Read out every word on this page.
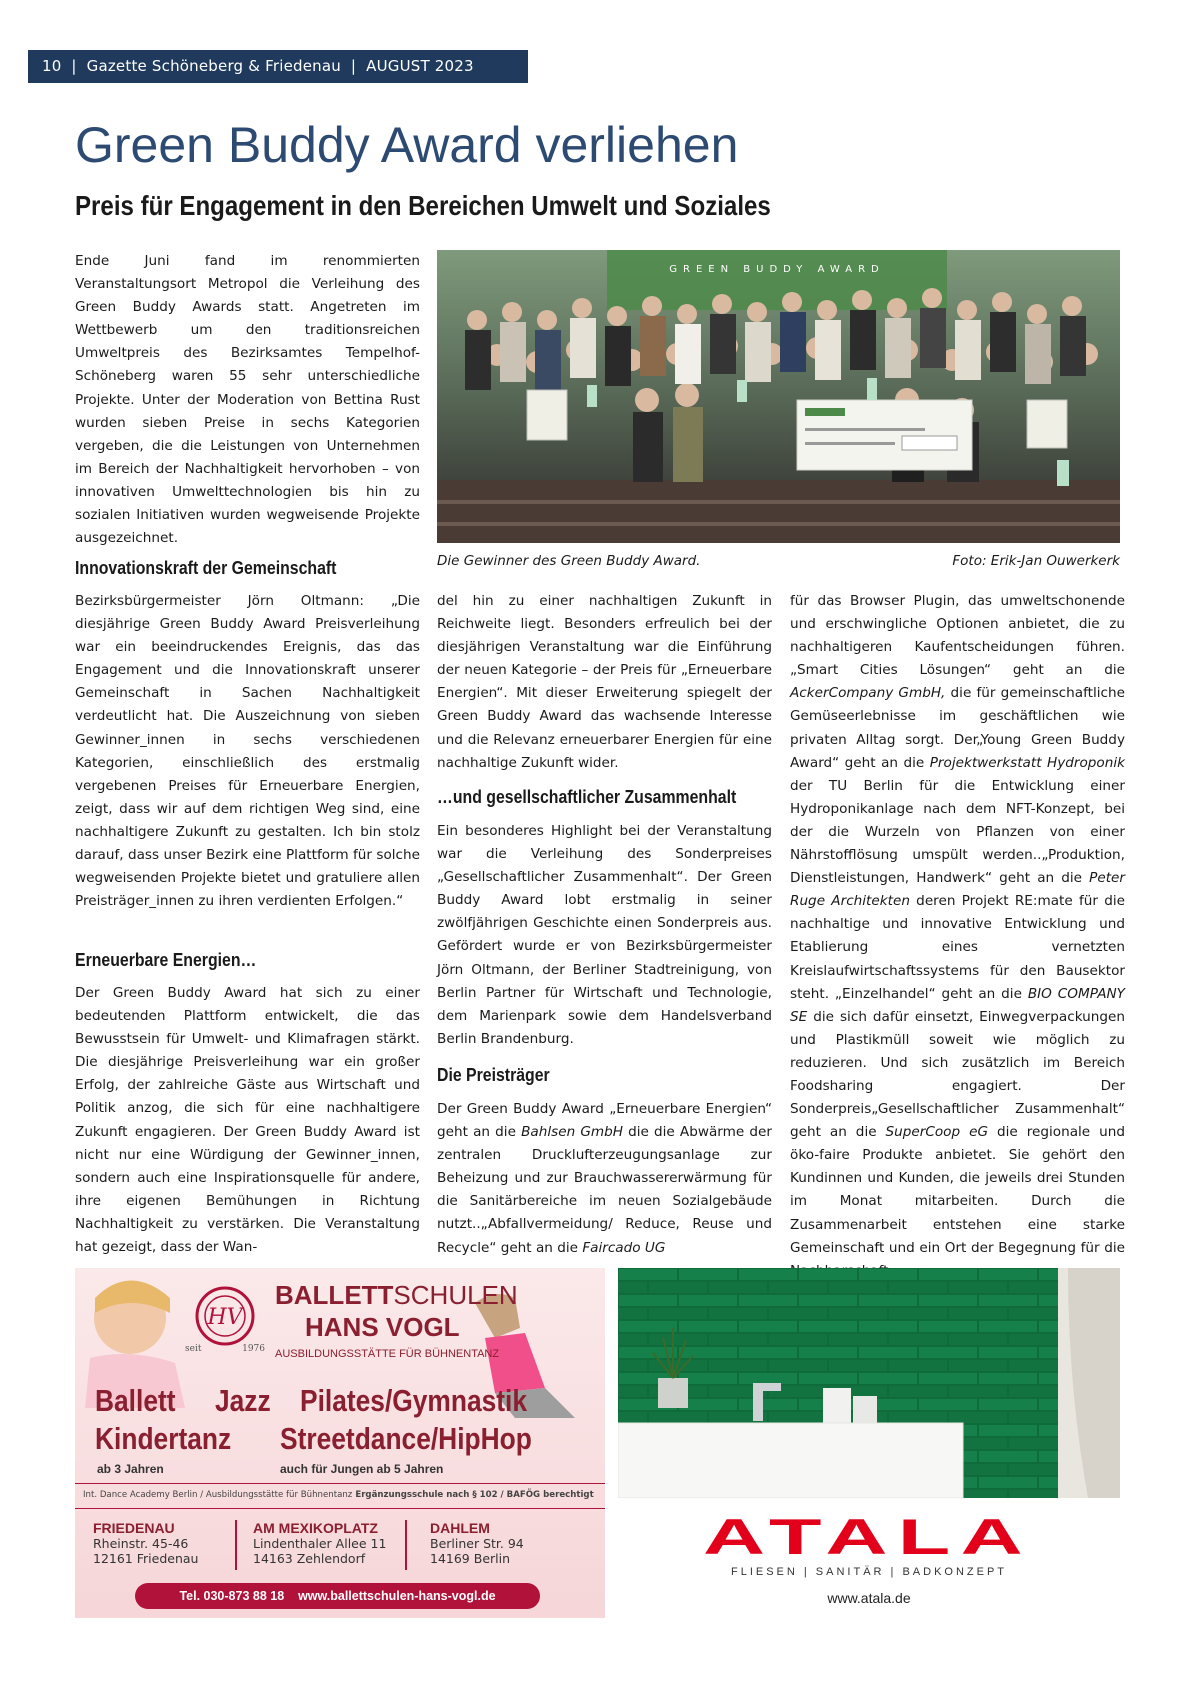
10  |  Gazette Schöneberg & Friedenau  |  AUGUST 2023
Green Buddy Award verliehen
Preis für Engagement in den Bereichen Umwelt und Soziales

Ende Juni fand im renommierten Veranstaltungsort Metropol die Verleihung des Green Buddy Awards statt. Angetreten im Wettbewerb um den traditionsreichen Umweltpreis des Bezirksamtes Tempelhof-Schöneberg waren 55 sehr unterschiedliche Projekte. Unter der Moderation von Bettina Rust wurden sieben Preise in sechs Kategorien vergeben, die die Leistungen von Unternehmen im Bereich der Nachhaltigkeit hervorhoben – von innovativen Umwelttechnologien bis hin zu sozialen Initiativen wurden wegweisende Projekte ausgezeichnet.

GREEN BUDDY AWARD
Die Gewinner des Green Buddy Award.	Foto: Erik-Jan Ouwerkerk
Innovationskraft der Gemeinschaft

Bezirksbürgermeister Jörn Oltmann: „Die diesjährige Green Buddy Award Preisverleihung war ein beeindruckendes Ereignis, das das Engagement und die Innovationskraft unserer Gemeinschaft in Sachen Nachhaltigkeit verdeutlicht hat. Die Auszeichnung von sieben Gewinner_innen in sechs verschiedenen Kategorien, einschließlich des erstmalig vergebenen Preises für Erneuerbare Energien, zeigt, dass wir auf dem richtigen Weg sind, eine nachhaltigere Zukunft zu gestalten. Ich bin stolz darauf, dass unser Bezirk eine Plattform für solche wegweisenden Projekte bietet und gratuliere allen Preisträger_innen zu ihren verdienten Erfolgen.“

Erneuerbare Energien…

Der Green Buddy Award hat sich zu einer bedeutenden Plattform entwickelt, die das Bewusstsein für Umwelt- und Klimafragen stärkt. Die diesjährige Preisverleihung war ein großer Erfolg, der zahlreiche Gäste aus Wirtschaft und Politik anzog, die sich für eine nachhaltigere Zukunft engagieren. Der Green Buddy Award ist nicht nur eine Würdigung der Gewinner_innen, sondern auch eine Inspirationsquelle für andere, ihre eigenen Bemühungen in Richtung Nachhaltigkeit zu verstärken. Die Veranstaltung hat gezeigt, dass der Wan-

del hin zu einer nachhaltigen Zukunft in Reichweite liegt. Besonders erfreulich bei der diesjährigen Veranstaltung war die Einführung der neuen Kategorie – der Preis für „Erneuerbare Energien“. Mit dieser Erweiterung spiegelt der Green Buddy Award das wachsende Interesse und die Relevanz erneuerbarer Energien für eine nachhaltige Zukunft wider.

…und gesellschaftlicher Zusammenhalt

Ein besonderes Highlight bei der Veranstaltung war die Verleihung des Sonderpreises „Gesellschaftlicher Zusammenhalt“. Der Green Buddy Award lobt erstmalig in seiner zwölfjährigen Geschichte einen Sonderpreis aus. Gefördert wurde er von Bezirksbürgermeister Jörn Oltmann, der Berliner Stadtreinigung, von Berlin Partner für Wirtschaft und Technologie, dem Marienpark sowie dem Handelsverband Berlin Brandenburg.

Die Preisträger

Der Green Buddy Award „Erneuerbare Energien“ geht an die Bahlsen GmbH die die Abwärme der zentralen Drucklufterzeugungsanlage zur Beheizung und zur Brauchwassererwärmung für die Sanitärbereiche im neuen Sozialgebäude nutzt..„Abfallvermeidung/ Reduce, Reuse und Recycle“ geht an die Faircado UG

für das Browser Plugin, das umweltschonende und erschwingliche Optionen anbietet, die zu nachhaltigeren Kaufentscheidungen führen. „Smart Cities Lösungen“ geht an die AckerCompany GmbH, die für gemeinschaftliche Gemüseerlebnisse im geschäftlichen wie privaten Alltag sorgt. Der„Young Green Buddy Award“ geht an die Projektwerkstatt Hydroponik der TU Berlin für die Entwicklung einer Hydroponikanlage nach dem NFT-Konzept, bei der die Wurzeln von Pflanzen von einer Nährstofflösung umspült werden..„Produktion, Dienstleistungen, Handwerk“ geht an die Peter Ruge Architekten deren Projekt RE:mate für die nachhaltige und innovative Entwicklung und Etablierung eines vernetzten Kreislaufwirtschaftssystems für den Bausektor steht. „Einzelhandel“ geht an die BIO COMPANY SE die sich dafür einsetzt, Einwegverpackungen und Plastikmüll soweit wie möglich zu reduzieren. Und sich zusätzlich im Bereich Foodsharing engagiert. Der Sonderpreis„Gesellschaftlicher Zusammenhalt“ geht an die SuperCoop eG die regionale und öko-faire Produkte anbietet. Sie gehört den Kundinnen und Kunden, die jeweils drei Stunden im Monat mitarbeiten. Durch die Zusammenarbeit entstehen eine starke Gemeinschaft und ein Ort der Begegnung für die

HV
seit	1976
BALLETTSCHULEN
HANS VOGL
AUSBILDUNGSSTÄTTE FÜR BÜHNENTANZ
Ballett Jazz Pilates/Gymnastik
Kindertanz Streetdance/HipHop
ab 3 Jahren	auch für Jungen ab 5 Jahren
Int. Dance Academy Berlin / Ausbildungsstätte für Bühnentanz Ergänzungsschule nach § 102 / BAFÖG berechtigt
FRIEDENAU
Rheinstr. 45-46
12161 Friedenau
AM MEXIKOPLATZ
Lindenthaler Allee 11
14163 Zehlendorf
DAHLEM
Berliner Str. 94
14169 Berlin
Tel. 030-873 88 18 www.ballettschulen-hans-vogl.de
ATALA
FLIESEN | SANITÄR | BADKONZEPT
www.atala.de
